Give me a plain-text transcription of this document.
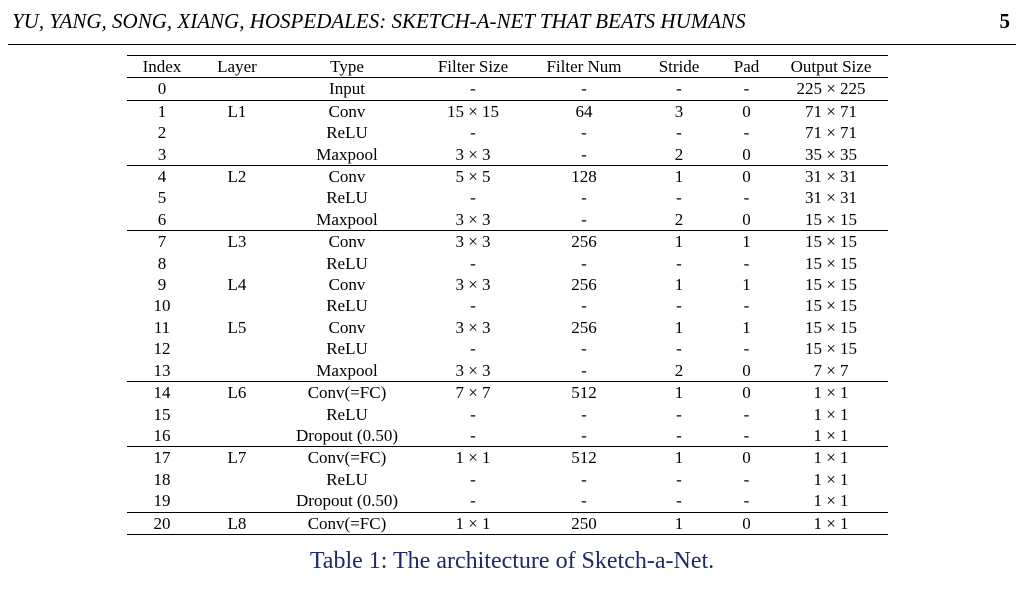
YU, YANG, SONG, XIANG, HOSPEDALES: SKETCH-A-NET THAT BEATS HUMANS	5
Index	Layer	Type	Filter Size	Filter Num	Stride	Pad	Output Size
0		Input	-	-	-	-	225 × 225
1	L1	Conv	15 × 15	64	3	0	71 × 71
2		ReLU	-	-	-	-	71 × 71
3		Maxpool	3 × 3	-	2	0	35 × 35
4	L2	Conv	5 × 5	128	1	0	31 × 31
5		ReLU	-	-	-	-	31 × 31
6		Maxpool	3 × 3	-	2	0	15 × 15
7	L3	Conv	3 × 3	256	1	1	15 × 15
8		ReLU	-	-	-	-	15 × 15
9	L4	Conv	3 × 3	256	1	1	15 × 15
10		ReLU	-	-	-	-	15 × 15
11	L5	Conv	3 × 3	256	1	1	15 × 15
12		ReLU	-	-	-	-	15 × 15
13		Maxpool	3 × 3	-	2	0	7 × 7
14	L6	Conv(=FC)	7 × 7	512	1	0	1 × 1
15		ReLU	-	-	-	-	1 × 1
16		Dropout (0.50)	-	-	-	-	1 × 1
17	L7	Conv(=FC)	1 × 1	512	1	0	1 × 1
18		ReLU	-	-	-	-	1 × 1
19		Dropout (0.50)	-	-	-	-	1 × 1
20	L8	Conv(=FC)	1 × 1	250	1	0	1 × 1
Table 1: The architecture of Sketch-a-Net.
